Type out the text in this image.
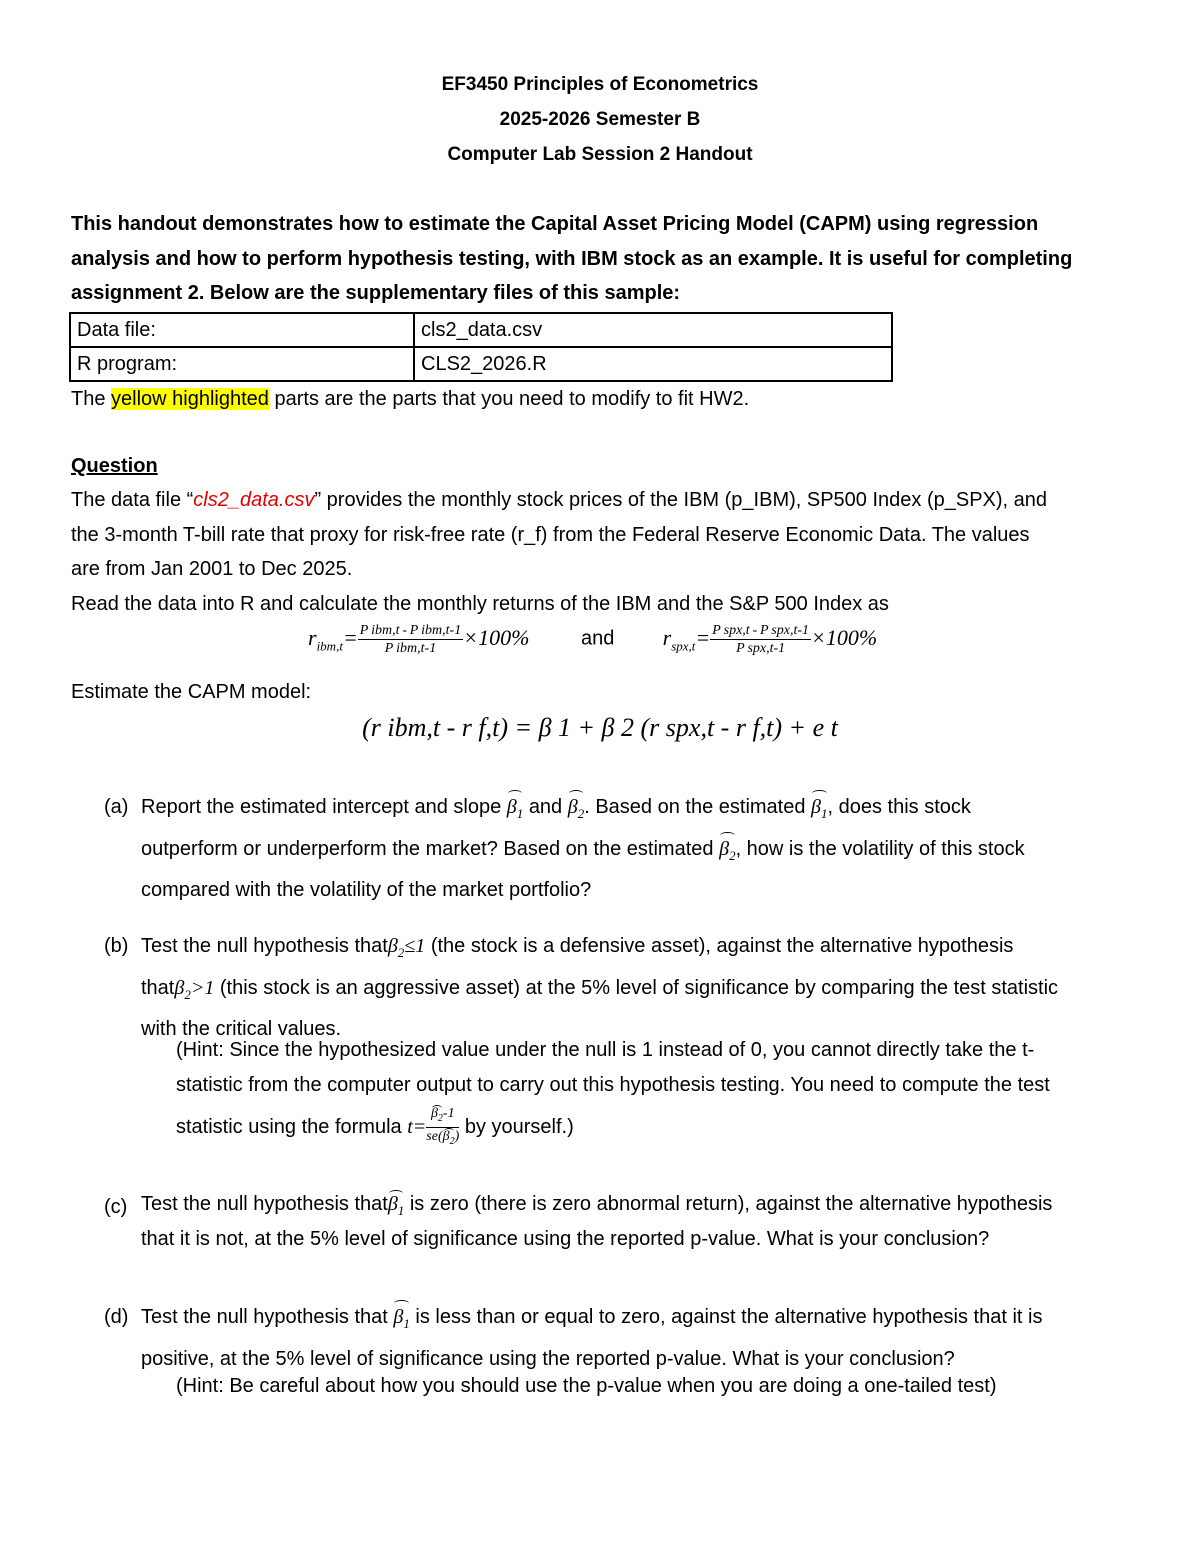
EF3450 Principles of Econometrics
2025-2026 Semester B
Computer Lab Session 2 Handout
This handout demonstrates how to estimate the Capital Asset Pricing Model (CAPM) using regression
analysis and how to perform hypothesis testing, with IBM stock as an example. It is useful for completing
assignment 2. Below are the supplementary files of this sample:
Data file:	cls2_data.csv
R program:	CLS2_2026.R
The yellow highlighted parts are the parts that you need to modify to fit HW2.
Question
The data file “cls2_data.csv” provides the monthly stock prices of the IBM (p_IBM), SP500 Index (p_SPX), and
the 3-month T-bill rate that proxy for risk-free rate (r_f) from the Federal Reserve Economic Data. The values
are from Jan 2001 to Dec 2025.
Read the data into R and calculate the monthly returns of the IBM and the S&P 500 Index as
$r_{ibm,t}= \frac{\text{P ibm,t - P ibm,t-1}}{\text{P ibm,t-1}} \times 100\%$	and $r_{spx,t}= \frac{\text{P spx,t - P spx,t-1}}{\text{P spx,t-1}} \times 100\%$
Estimate the CAPM model:
(r ibm,t - r f,t) = β 1 + β 2 (r spx,t - r f,t) + e t
(a) Report the estimated intercept and slope $\beta_1$ and $\beta_2$. Based on the estimated $\beta_1$, does this stock
outperform or underperform the market? Based on the estimated $\beta_2$, how is the volatility of this stock
compared with the volatility of the market portfolio?
(b) Test the null hypothesis thatβ$_2$≤1 (the stock is a defensive asset), against the alternative hypothesis
thatβ$_2$>1 (this stock is an aggressive asset) at the 5% level of significance by comparing the test statistic
with the critical values.
(Hint: Since the hypothesized value under the null is 1 instead of 0, you cannot directly take the t-
statistic from the computer output to carry out this hypothesis testing. You need to compute the test
statistic using the formula $t= \frac{\beta_2-1}{se(\beta_2)}$ by yourself.)
(c) Test the null hypothesis thatβ$_1$ is zero (there is zero abnormal return), against the alternative hypothesis
that it is not, at the 5% level of significance using the reported p-value. What is your conclusion?
(d) Test the null hypothesis that $\beta_1$ is less than or equal to zero, against the alternative hypothesis that it is
positive, at the 5% level of significance using the reported p-value. What is your conclusion?
(Hint: Be careful about how you should use the p-value when you are doing a one-tailed test)
